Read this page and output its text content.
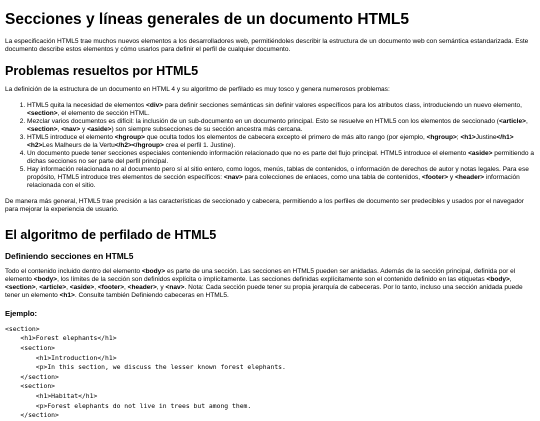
Secciones y líneas generales de un documento HTML5

La especificación HTML5 trae muchos nuevos elementos a los desarrolladores web, permitiéndoles describir la estructura de un documento web con semántica estandarizada. Este documento describe estos elementos y cómo usarlos para definir el perfil de cualquier documento.

Problemas resueltos por HTML5

La definición de la estructura de un documento en HTML 4 y su algoritmo de perfilado es muy tosco y genera numerosos problemas:

1. HTML5 quita la necesidad de elementos <div> para definir secciones semánticas sin definir valores específicos para los atributos class, introduciendo un nuevo elemento, <section>, el elemento de sección HTML.
2. Mezclar varios documentos es difícil: la inclusión de un sub-documento en un documento principal. Esto se resuelve en HTML5 con los elementos de seccionado (<article>, <section>, <nav> y <aside>) son siempre subsecciones de su sección ancestra más cercana.
3. HTML5 introduce el elemento <hgroup> que oculta todos los elementos de cabecera excepto el primero de más alto rango (por ejemplo, <hgroup>; <h1>Justine</h1><h2>Les Malheurs de la Vertu</h2></hgroup> crea el perfil 1. Justine).
4. Un documento puede tener secciones especiales conteniendo información relacionado que no es parte del flujo principal. HTML5 introduce el elemento <aside> permitiendo a dichas secciones no ser parte del perfil principal.
5. Hay información relacionada no al documento pero sí al sitio entero, como logos, menús, tablas de contenidos, o información de derechos de autor y notas legales. Para ese propósito, HTML5 introduce tres elementos de sección específicos: <nav> para colecciones de enlaces, como una tabla de contenidos, <footer> y <header> información relacionada con el sitio.

De manera más general, HTML5 trae precisión a las características de seccionado y cabecera, permitiendo a los perfiles de documento ser predecibles y usados por el navegador para mejorar la experiencia de usuario.

El algoritmo de perfilado de HTML5
Definiendo secciones en HTML5

Todo el contenido incluido dentro del elemento <body> es parte de una sección. Las secciones en HTML5 pueden ser anidadas. Además de la sección principal, definida por el elemento <body>, los límites de la sección son definidos explícita o implícitamente. Las secciones definidas explícitamente son el contenido definido en las etiquetas <body>, <section>, <article>, <aside>, <footer>, <header>, y <nav>. Nota: Cada sección puede tener su propia jerarquía de cabeceras. Por lo tanto, incluso una sección anidada puede tener un elemento <h1>. Consulte también Definiendo cabeceras en HTML5.

Ejemplo:
<section>
<h1>Forest elephants</h1>
<section>
<h1>Introduction</h1>
<p>In this section, we discuss the lesser known forest elephants.
</section>
<section>
<h1>Habitat</h1>
<p>Forest elephants do not live in trees but among them.
</section>
